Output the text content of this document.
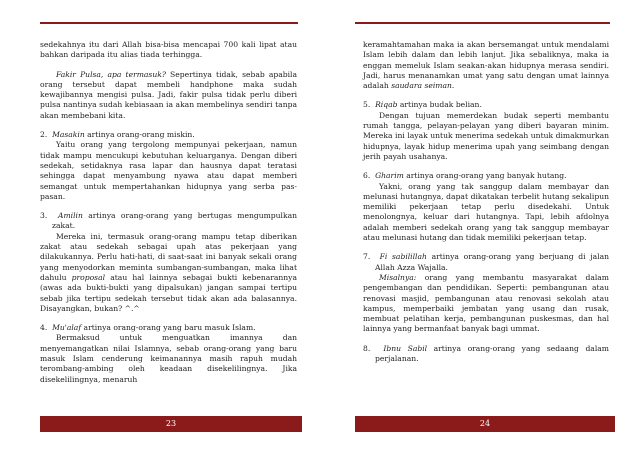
sedekahnya itu dari Allah bisa-bisa mencapai 700 kali lipat atau bahkan daripada itu alias tiada terhingga.

Fakir Pulsa, apa termasuk? Sepertinya tidak, sebab apabila orang tersebut dapat membeli handphone maka sudah kewajibannya mengisi pulsa. Jadi, fakir pulsa tidak perlu diberi pulsa nantinya sudah kebiasaan ia akan membelinya sendiri tanpa akan membebani kita.

2. Masakin artinya orang-orang miskin.

Yaitu orang yang tergolong mempunyai pekerjaan, namun tidak mampu mencukupi kebutuhan keluarganya. Dengan diberi sedekah, setidaknya rasa lapar dan hausnya dapat teratasi sehingga dapat menyambung nyawa atau dapat memberi semangat untuk mempertahankan hidupnya yang serba pas-pasan.

3. Amilin artinya orang-orang yang bertugas mengumpulkan zakat.

Mereka ini, termasuk orang-orang mampu tetap diberikan zakat atau sedekah sebagai upah atas pekerjaan yang dilakukannya. Perlu hati-hati, di saat-saat ini banyak sekali orang yang menyodorkan meminta sumbangan-sumbangan, maka lihat dahulu proposal atau hal lainnya sebagai bukti kebenarannya (awas ada bukti-bukti yang dipalsukan) jangan sampai tertipu sebab jika tertipu sedekah tersebut tidak akan ada balasannya. Disayangkan, bukan? ^.^

4. Mu'alaf artinya orang-orang yang baru masuk Islam.

Bermaksud untuk menguatkan imannya dan menyemangatkan nilai Islamnya, sebab orang-orang yang baru masuk Islam cenderung keimanannya masih rapuh mudah terombang-ambing oleh keadaan disekelilingnya. Jika disekelilingnya, menaruh

23

keramahtamahan maka ia akan bersemangat untuk mendalami Islam lebih dalam dan lebih lanjut. Jika sebaliknya, maka ia enggan memeluk Islam seakan-akan hidupnya merasa sendiri. Jadi, harus menanamkan umat yang satu dengan umat lainnya adalah saudara seiman.

5. Riqab artinya budak belian.

Dengan tujuan memerdekan budak seperti membantu rumah tangga, pelayan-pelayan yang diberi bayaran minim. Mereka ini layak untuk menerima sedekah untuk dimakmurkan hidupnya, layak hidup menerima upah yang seimbang dengan jerih payah usahanya.

6. Gharim artinya orang-orang yang banyak hutang.

Yakni, orang yang tak sanggup dalam membayar dan melunasi hutangnya, dapat dikatakan terbelit hutang sekalipun memiliki pekerjaan tetap perlu disedekahi. Untuk menolongnya, keluar dari hutangnya. Tapi, lebih afdolnya adalah memberi sedekah orang yang tak sanggup membayar atau melunasi hutang dan tidak memiliki pekerjaan tetap.

7. Fi sabilillah artinya orang-orang yang berjuang di jalan Allah Azza Wajalla.

Misalnya: orang yang membantu masyarakat dalam pengembangan dan pendidikan. Seperti: pembangunan atau renovasi masjid, pembangunan atau renovasi sekolah atau kampus, memperbaiki jembatan yang usang dan rusak, membuat pelatihan kerja, pembangunan puskesmas, dan hal lainnya yang bermanfaat banyak bagi ummat.

8. Ibnu Sabil artinya orang-orang yang sedaang dalam perjalanan.
24
